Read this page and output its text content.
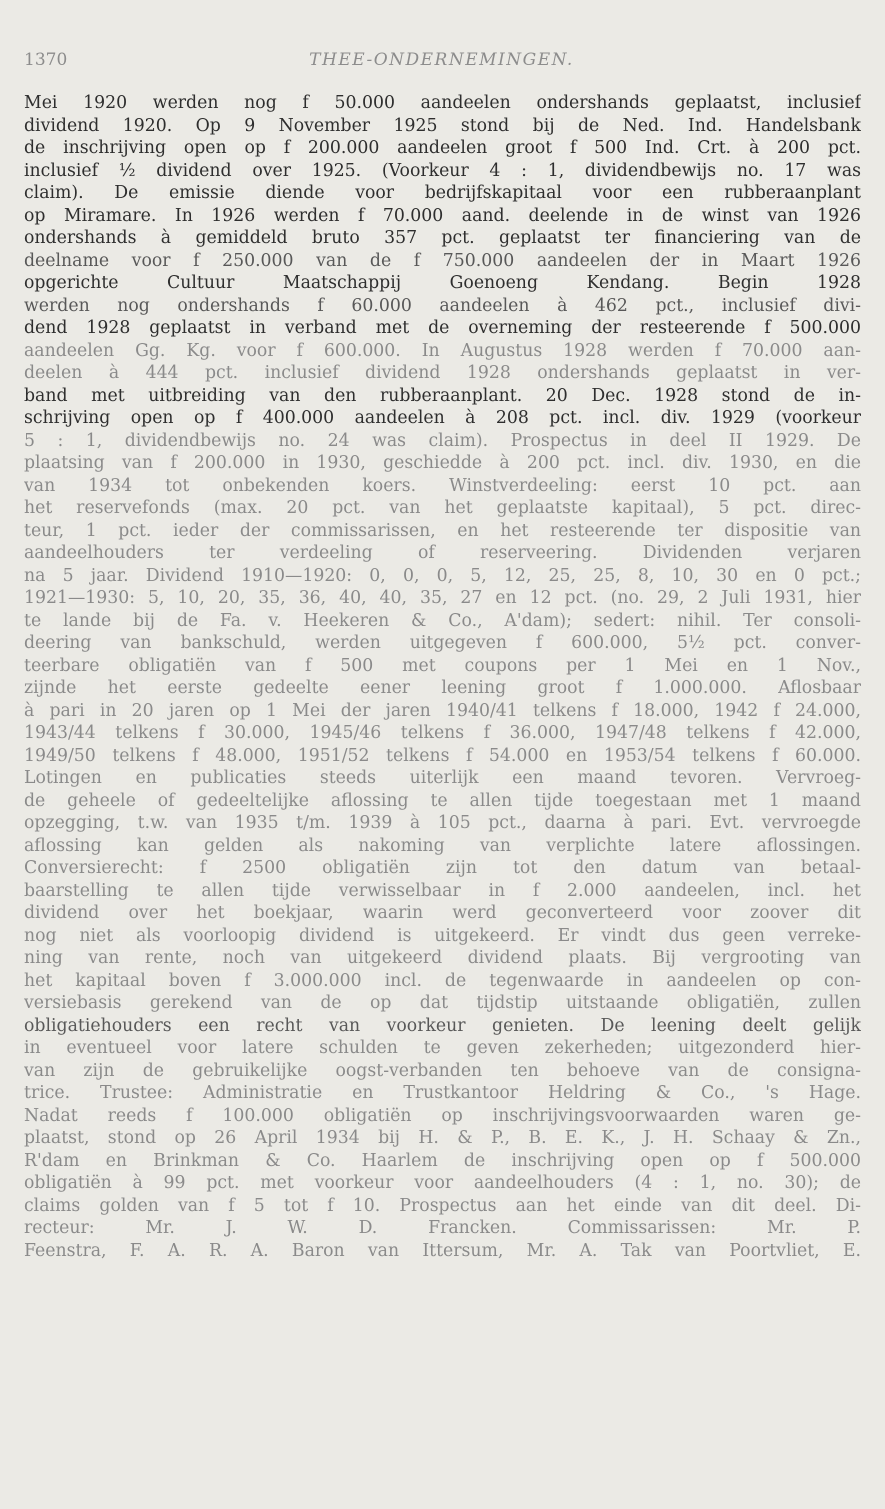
1370	THEE-ONDERNEMINGEN.
Mei 1920 werden nog f 50.000 aandeelen ondershands geplaatst, inclusief
dividend 1920. Op 9 November 1925 stond bij de Ned. Ind. Handelsbank
de inschrijving open op f 200.000 aandeelen groot f 500 Ind. Crt. à 200 pct.
inclusief ½ dividend over 1925. (Voorkeur 4 : 1, dividendbewijs no. 17 was
claim). De emissie diende voor bedrijfskapitaal voor een rubberaanplant
op Miramare. In 1926 werden f 70.000 aand. deelende in de winst van 1926
ondershands à gemiddeld bruto 357 pct. geplaatst ter financiering van de
deelname voor f 250.000 van de f 750.000 aandeelen der in Maart 1926
opgerichte Cultuur Maatschappij Goenoeng Kendang. Begin 1928
werden nog ondershands f 60.000 aandeelen à 462 pct., inclusief divi-
dend 1928 geplaatst in verband met de overneming der resteerende f 500.000
aandeelen Gg. Kg. voor f 600.000. In Augustus 1928 werden f 70.000 aan-
deelen à 444 pct. inclusief dividend 1928 ondershands geplaatst in ver-
band met uitbreiding van den rubberaanplant. 20 Dec. 1928 stond de in-
schrijving open op f 400.000 aandeelen à 208 pct. incl. div. 1929 (voorkeur
5 : 1, dividendbewijs no. 24 was claim). Prospectus in deel II 1929. De
plaatsing van f 200.000 in 1930, geschiedde à 200 pct. incl. div. 1930, en die
van 1934 tot onbekenden koers. Winstverdeeling: eerst 10 pct. aan
het reservefonds (max. 20 pct. van het geplaatste kapitaal), 5 pct. direc-
teur, 1 pct. ieder der commissarissen, en het resteerende ter dispositie van
aandeelhouders ter verdeeling of reserveering. Dividenden verjaren
na 5 jaar. Dividend 1910—1920: 0, 0, 0, 5, 12, 25, 25, 8, 10, 30 en 0 pct.;
1921—1930: 5, 10, 20, 35, 36, 40, 40, 35, 27 en 12 pct. (no. 29, 2 Juli 1931, hier
te lande bij de Fa. v. Heekeren & Co., A'dam); sedert: nihil. Ter consoli-
deering van bankschuld, werden uitgegeven f 600.000, 5½ pct. conver-
teerbare obligatiën van f 500 met coupons per 1 Mei en 1 Nov.,
zijnde het eerste gedeelte eener leening groot f 1.000.000. Aflosbaar
à pari in 20 jaren op 1 Mei der jaren 1940/41 telkens f 18.000, 1942 f 24.000,
1943/44 telkens f 30.000, 1945/46 telkens f 36.000, 1947/48 telkens f 42.000,
1949/50 telkens f 48.000, 1951/52 telkens f 54.000 en 1953/54 telkens f 60.000.
Lotingen en publicaties steeds uiterlijk een maand tevoren. Vervroeg-
de geheele of gedeeltelijke aflossing te allen tijde toegestaan met 1 maand
opzegging, t.w. van 1935 t/m. 1939 à 105 pct., daarna à pari. Evt. vervroegde
aflossing kan gelden als nakoming van verplichte latere aflossingen.
Conversierecht: f 2500 obligatiën zijn tot den datum van betaal-
baarstelling te allen tijde verwisselbaar in f 2.000 aandeelen, incl. het
dividend over het boekjaar, waarin werd geconverteerd voor zoover dit
nog niet als voorloopig dividend is uitgekeerd. Er vindt dus geen verreke-
ning van rente, noch van uitgekeerd dividend plaats. Bij vergrooting van
het kapitaal boven f 3.000.000 incl. de tegenwaarde in aandeelen op con-
versiebasis gerekend van de op dat tijdstip uitstaande obligatiën, zullen
obligatiehouders een recht van voorkeur genieten. De leening deelt gelijk
in eventueel voor latere schulden te geven zekerheden; uitgezonderd hier-
van zijn de gebruikelijke oogst-verbanden ten behoeve van de consigna-
trice. Trustee: Administratie en Trustkantoor Heldring & Co., 's Hage.
Nadat reeds f 100.000 obligatiën op inschrijvingsvoorwaarden waren ge-
plaatst, stond op 26 April 1934 bij H. & P., B. E. K., J. H. Schaay & Zn.,
R'dam en Brinkman & Co. Haarlem de inschrijving open op f 500.000
obligatiën à 99 pct. met voorkeur voor aandeelhouders (4 : 1, no. 30); de
claims golden van f 5 tot f 10. Prospectus aan het einde van dit deel. Di-
recteur: Mr. J. W. D. Francken. Commissarissen: Mr. P.
Feenstra, F. A. R. A. Baron van Ittersum, Mr. A. Tak van Poortvliet, E.
